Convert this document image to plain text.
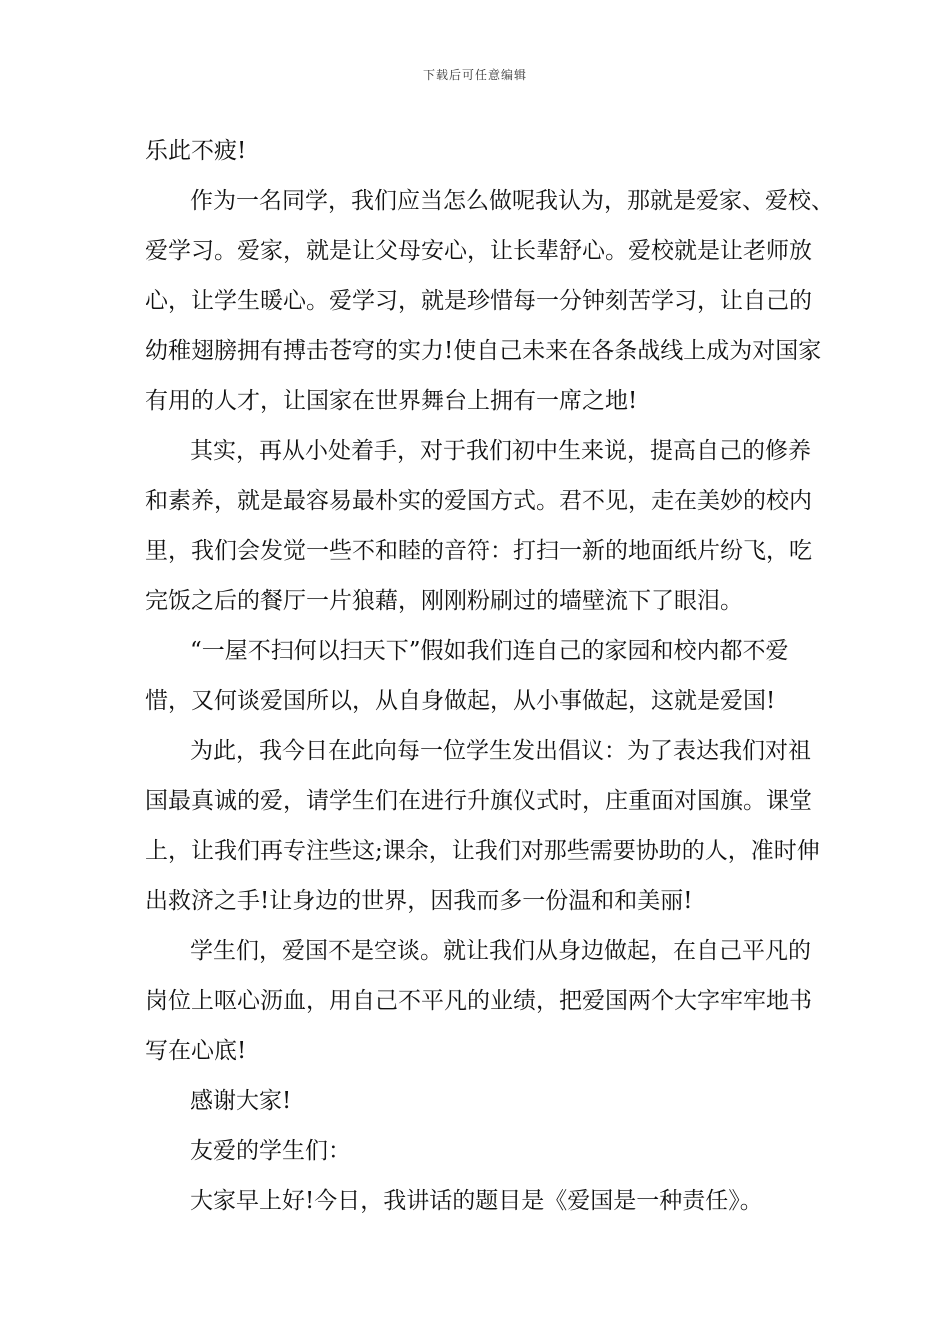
下载后可任意编辑
乐此不疲!
作为一名同学，我们应当怎么做呢我认为，那就是爱家、爱校、
爱学习。爱家，就是让父母安心，让长辈舒心。爱校就是让老师放
心，让学生暖心。爱学习，就是珍惜每一分钟刻苦学习，让自己的
幼稚翅膀拥有搏击苍穹的实力!使自己未来在各条战线上成为对国家
有用的人才，让国家在世界舞台上拥有一席之地!
其实，再从小处着手，对于我们初中生来说，提高自己的修养
和素养，就是最容易最朴实的爱国方式。君不见，走在美妙的校内
里，我们会发觉一些不和睦的音符：打扫一新的地面纸片纷飞，吃
完饭之后的餐厅一片狼藉，刚刚粉刷过的墙壁流下了眼泪。
“一屋不扫何以扫天下”假如我们连自己的家园和校内都不爱
惜，又何谈爱国所以，从自身做起，从小事做起，这就是爱国!
为此，我今日在此向每一位学生发出倡议：为了表达我们对祖
国最真诚的爱，请学生们在进行升旗仪式时，庄重面对国旗。课堂
上，让我们再专注些这;课余，让我们对那些需要协助的人，准时伸
出救济之手!让身边的世界，因我而多一份温和和美丽!
学生们，爱国不是空谈。就让我们从身边做起，在自己平凡的
岗位上呕心沥血，用自己不平凡的业绩，把爱国两个大字牢牢地书
写在心底!
感谢大家!
友爱的学生们：
大家早上好!今日，我讲话的题目是《爱国是一种责任》。
